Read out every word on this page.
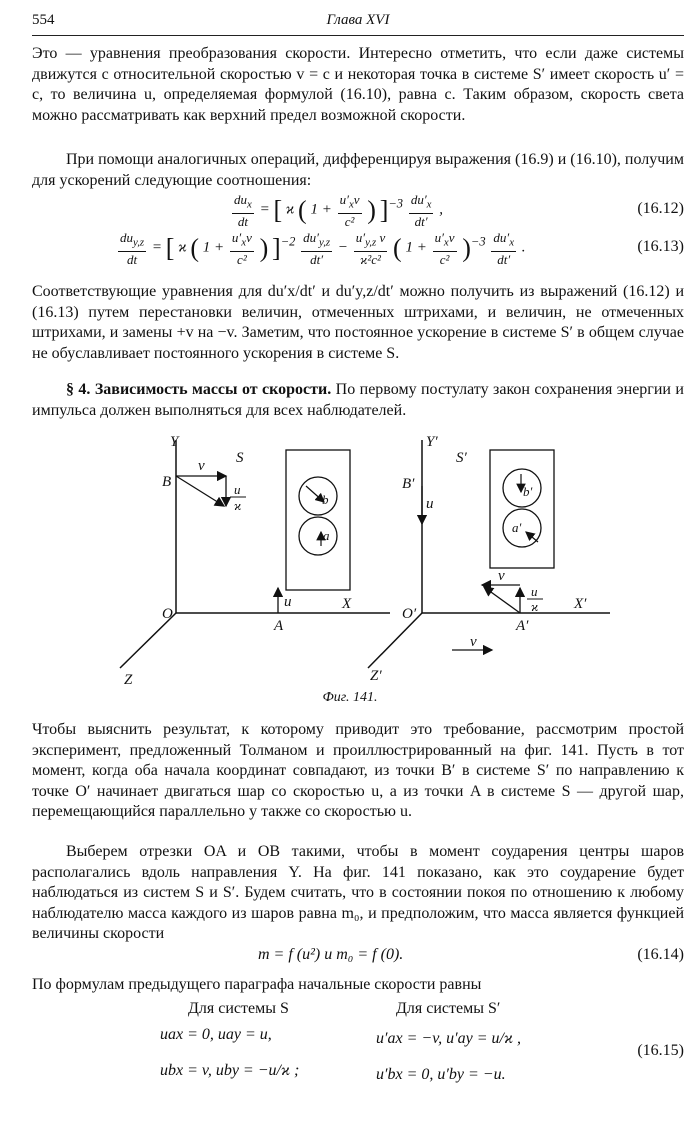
554	Глава XVI

Это — уравнения преобразования скорости. Интересно отметить, что если даже системы движутся с относительной скоростью v = c и некоторая точка в системе S′ имеет скорость u′ = c, то величина u, определяемая формулой (16.10), равна c. Таким образом, скорость света можно рассматривать как верхний предел возможной скорости.

При помощи аналогичных операций, дифференцируя выражения (16.9) и (16.10), получим для ускорений следующие соотношения:

$\frac{du_x}{dt}$ = [ ϰ ( $1 + \frac{u'_xv}{\text{c²}}$ ) ]$^{-3} \frac{du'_x}{dt'}$ ,	(16.12)
$\frac{du_{y,z}}{dt}$ = [ ϰ ( $1 + \frac{u'_xv}{\text{c²}}$ ) ]$^{-2} \frac{du'_{y,z}}{dt'} - \frac{u'_{y,z} v}{\text{ϰ²c²}}$ ( $1 + \frac{u'_xv}{\text{c²}} )^{-3} \frac{du'_x}{dt'}$ .	(16.13)

Соответствующие уравнения для du′x/dt′ и du′y,z/dt′ можно получить из выражений (16.12) и (16.13) путем перестановки величин, отмеченных штрихами, и величин, не отмеченных штрихами, и замены +v на −v. Заметим, что постоянное ускорение в системе S′ в общем случае не обуславливает постоянного ускорения в системе S.

§ 4. Зависимость массы от скорости. По первому постулату закон сохранения энергии и импульса должен выполняться для всех наблюдателей.

Y
S
B
v
u
ϰ
O
u	X
A
Z
b
a
Y′
S′
B′
u
v
u
ϰ
O′
X′
A′
Z′
v
b′
a′
Фиг. 141.

Чтобы выяснить результат, к которому приводит это требование, рассмотрим простой эксперимент, предложенный Толманом и проиллюстрированный на фиг. 141. Пусть в тот момент, когда оба начала координат совпадают, из точки B′ в системе S′ по направлению к точке O′ начинает двигаться шар со скоростью u, а из точки A в системе S — другой шар, перемещающийся параллельно y также со скоростью u.

Выберем отрезки OA и OB такими, чтобы в момент соударения центры шаров располагались вдоль направления Y. На фиг. 141 показано, как это соударение будет наблюдаться из систем S и S′. Будем считать, что в состоянии покоя по отношению к любому наблюдателю масса каждого из шаров равна m₀, и предположим, что масса является функцией величины скорости

m = f (u²) и m₀ = f (0).	(16.14)

По формулам предыдущего параграфа начальные скорости равны

Для системы S	Для системы S′
uax = 0, uay = u,	u′ax = −v, u′ay = u/ϰ ,
(16.15)
ubx = v, uby = −u/ϰ ;	u′bx = 0, u′by = −u.
